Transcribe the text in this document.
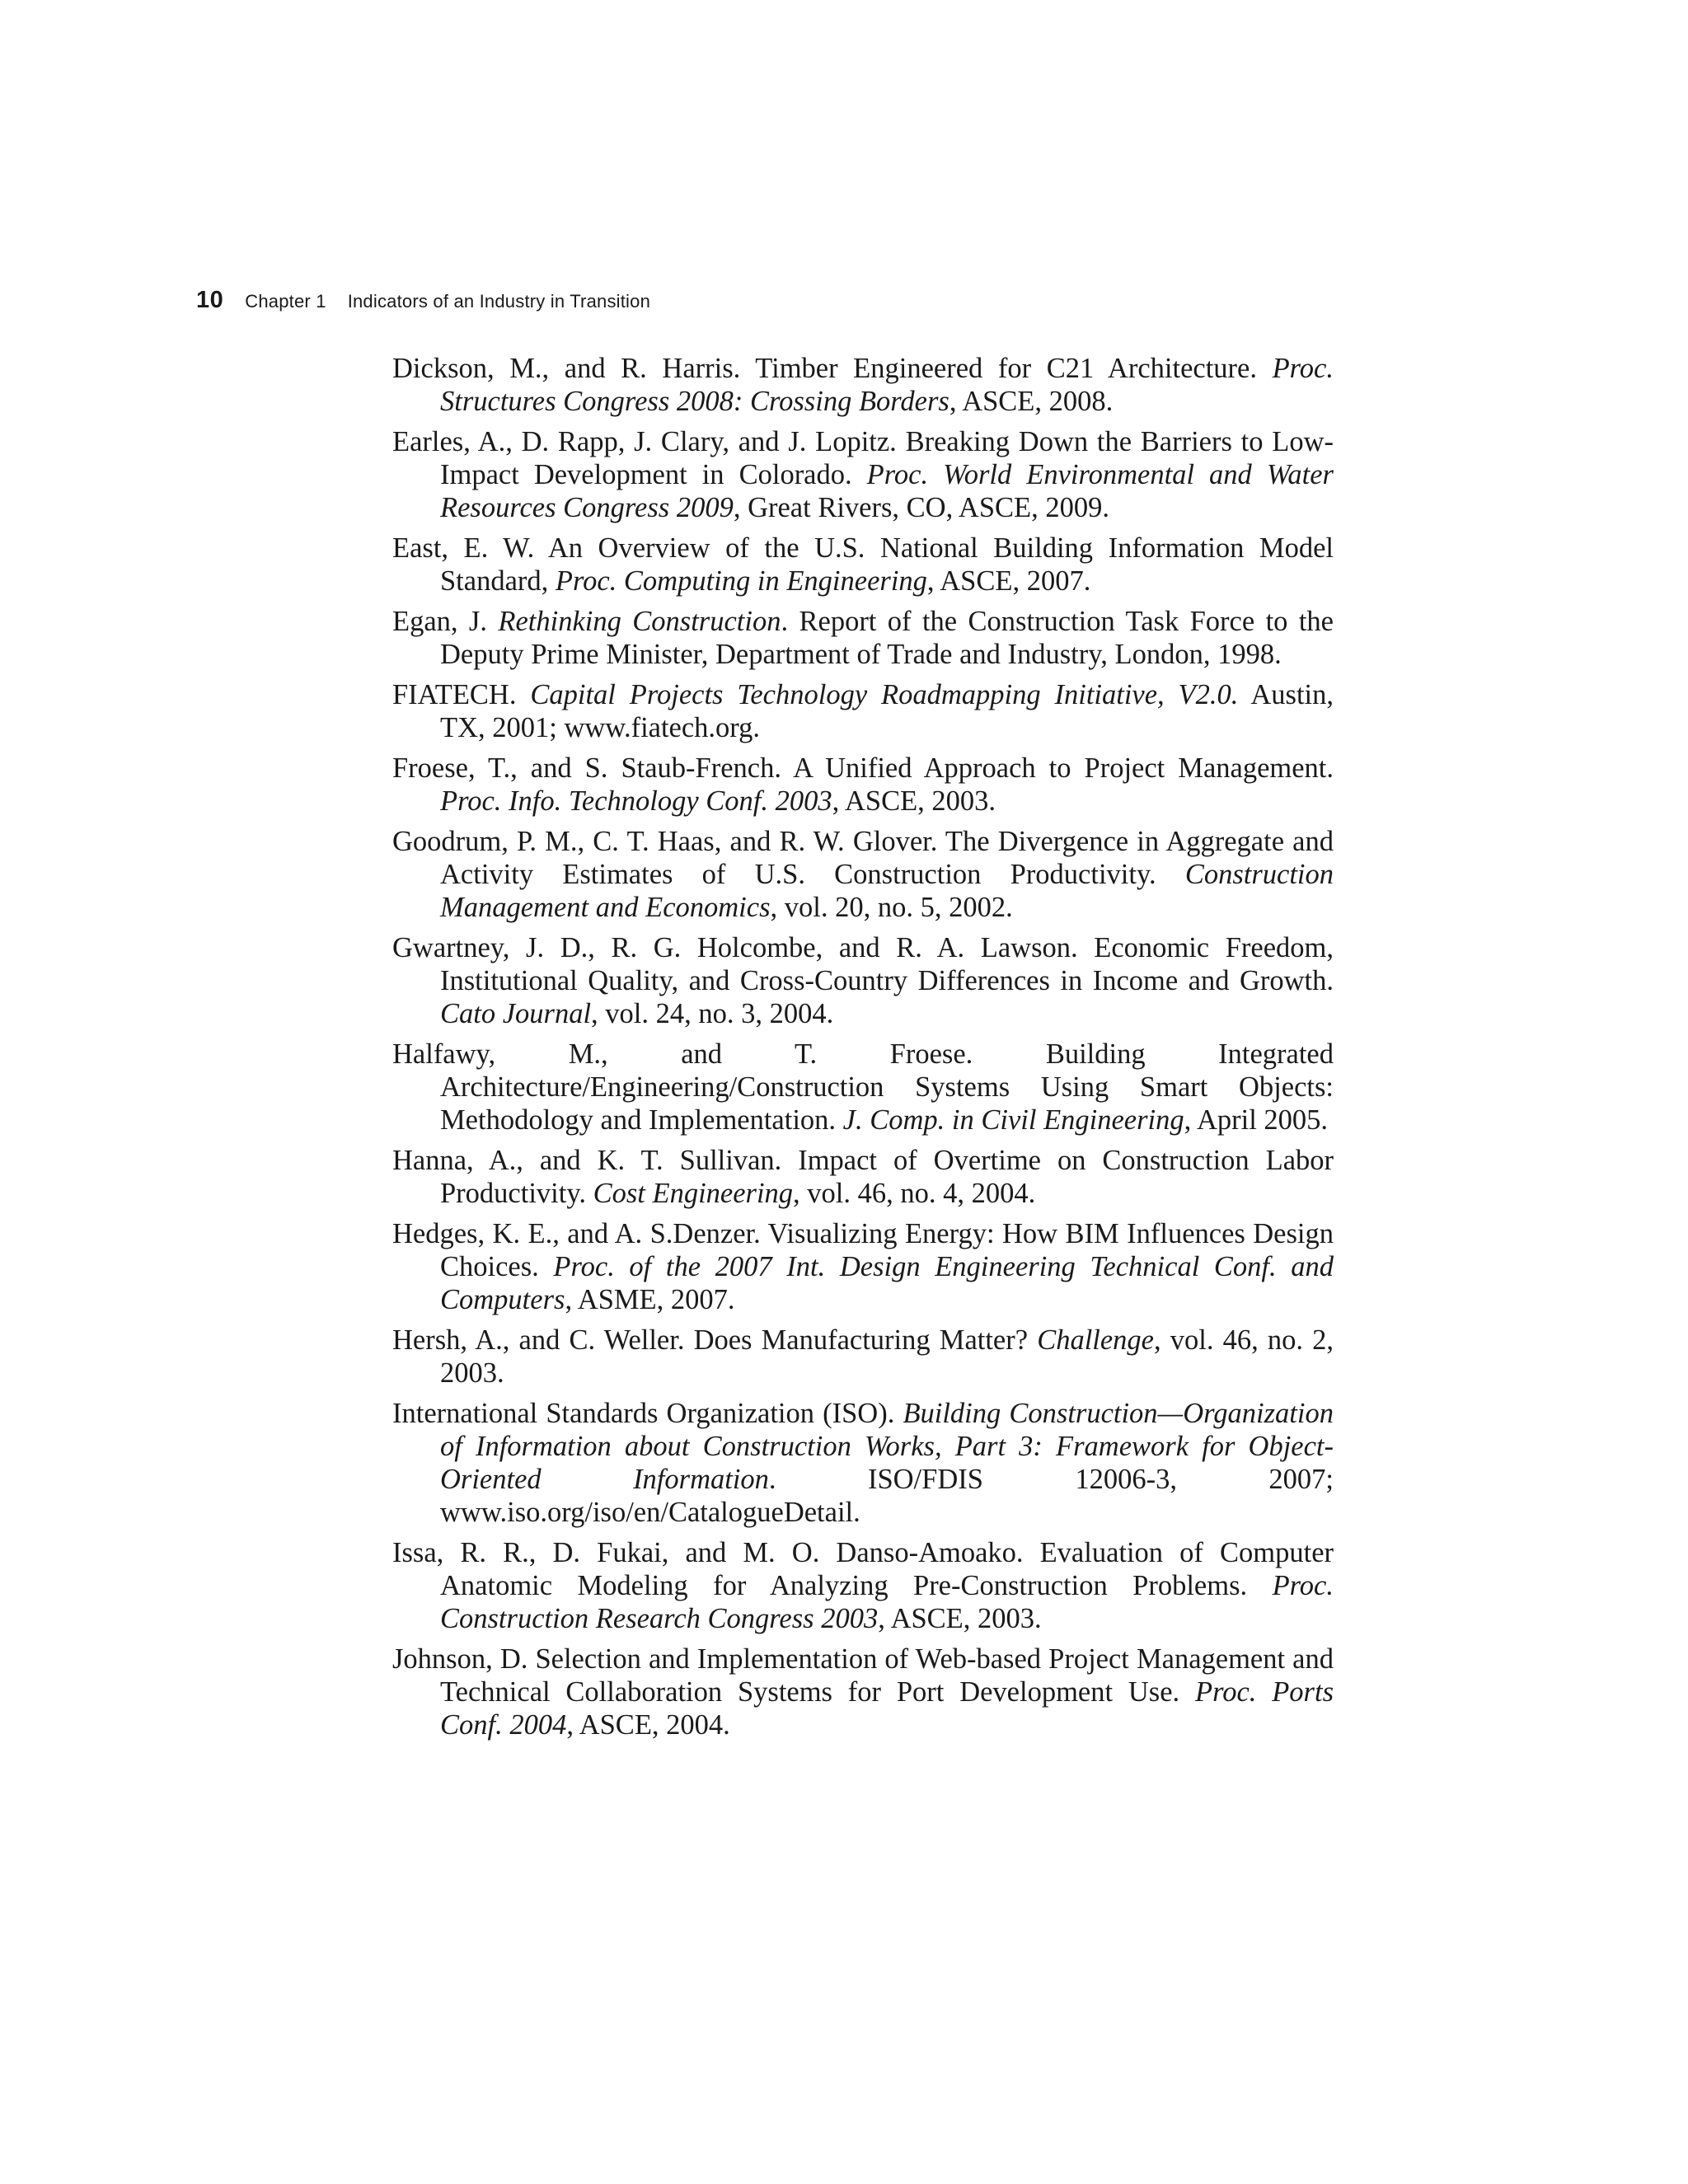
10 Chapter 1 Indicators of an Industry in Transition

Dickson, M., and R. Harris. Timber Engineered for C21 Architecture. Proc. Structures Congress 2008: Crossing Borders, ASCE, 2008.

Earles, A., D. Rapp, J. Clary, and J. Lopitz. Breaking Down the Barriers to Low-Impact Development in Colorado. Proc. World Environmental and Water Resources Congress 2009, Great Rivers, CO, ASCE, 2009.

East, E. W. An Overview of the U.S. National Building Information Model Standard, Proc. Computing in Engineering, ASCE, 2007.

Egan, J. Rethinking Construction. Report of the Construction Task Force to the Deputy Prime Minister, Department of Trade and Industry, London, 1998.

FIATECH. Capital Projects Technology Roadmapping Initiative, V2.0. Austin, TX, 2001; www.fiatech.org.

Froese, T., and S. Staub-French. A Unified Approach to Project Management. Proc. Info. Technology Conf. 2003, ASCE, 2003.

Goodrum, P. M., C. T. Haas, and R. W. Glover. The Divergence in Aggregate and Activity Estimates of U.S. Construction Productivity. Construction Management and Economics, vol. 20, no. 5, 2002.

Gwartney, J. D., R. G. Holcombe, and R. A. Lawson. Economic Freedom, Institutional Quality, and Cross-Country Differences in Income and Growth. Cato Journal, vol. 24, no. 3, 2004.

Halfawy, M., and T. Froese. Building Integrated Architecture/Engineering/Construction Systems Using Smart Objects: Methodology and Implementation. J. Comp. in Civil Engineering, April 2005.

Hanna, A., and K. T. Sullivan. Impact of Overtime on Construction Labor Productivity. Cost Engineering, vol. 46, no. 4, 2004.

Hedges, K. E., and A. S.Denzer. Visualizing Energy: How BIM Influences Design Choices. Proc. of the 2007 Int. Design Engineering Technical Conf. and Computers, ASME, 2007.

Hersh, A., and C. Weller. Does Manufacturing Matter? Challenge, vol. 46, no. 2, 2003.

International Standards Organization (ISO). Building Construction—Organization of Information about Construction Works, Part 3: Framework for Object-Oriented Information. ISO/FDIS 12006-3, 2007; www.iso.org/iso/en/CatalogueDetail.

Issa, R. R., D. Fukai, and M. O. Danso-Amoako. Evaluation of Computer Anatomic Modeling for Analyzing Pre-Construction Problems. Proc. Construction Research Congress 2003, ASCE, 2003.

Johnson, D. Selection and Implementation of Web-based Project Management and Technical Collaboration Systems for Port Development Use. Proc. Ports Conf. 2004, ASCE, 2004.
